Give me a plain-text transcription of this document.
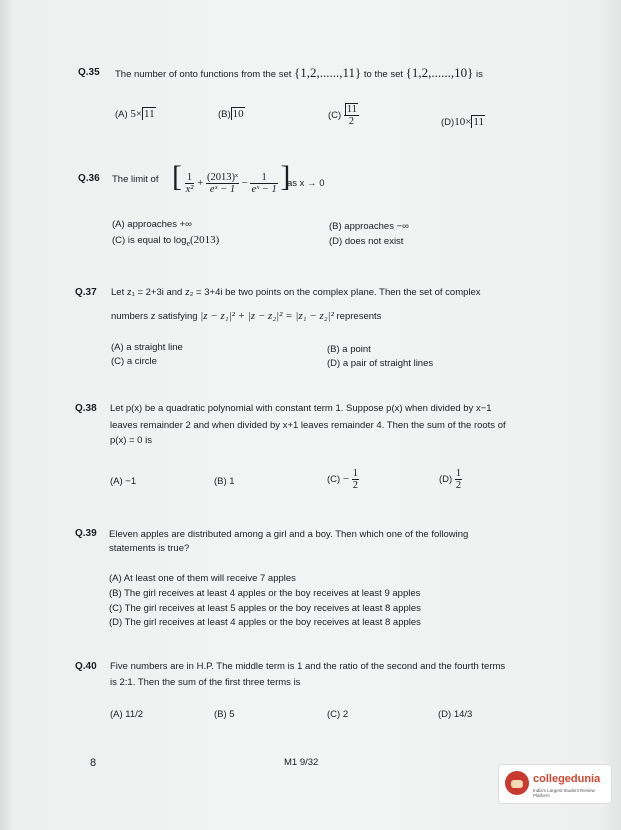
Q.35 The number of onto functions from the set {1,2,......,11} to the set {1,2,......,10} is
(A) 5× 11	(B) 10	$(C) \frac{11}{2}$	(D)10× 11
Q.36 The limit of [ $\frac{1}{\text{x²}} + \frac{\text{(2013)ˣ}}{\text{eˣ − 1}} - \frac{1}{\text{eˣ − 1}}$ ]
as x → 0
(A) approaches +∞	(B) approaches −∞
(C) is equal to $\log_e(2013)$	(D) does not exist
Q.37 Let z₁ = 2+3i and z₂ = 3+4i be two points on the complex plane. Then the set of complex
numbers z satisfying |z − z₁|² + |z − z₂|² = |z₁ − z₂|² represents
(A) a straight line	(B) a point
(C) a circle	(D) a pair of straight lines
Q.38 Let p(x) be a quadratic polynomial with constant term 1. Suppose p(x) when divided by x−1
leaves remainder 2 and when divided by x+1 leaves remainder 4. Then the sum of the roots of
p(x) = 0 is
(A) −1	(B) 1	$(C) - \frac{1}{2}$	$(D) \frac{1}{2}$
Q.39 Eleven apples are distributed among a girl and a boy. Then which one of the following
statements is true?
(A) At least one of them will receive 7 apples
(B) The girl receives at least 4 apples or the boy receives at least 9 apples
(C) The girl receives at least 5 apples or the boy receives at least 8 apples
(D) The girl receives at least 4 apples or the boy receives at least 8 apples
Q.40 Five numbers are in H.P. The middle term is 1 and the ratio of the second and the fourth terms
is 2:1. Then the sum of the first three terms is
(A) 11/2	(B) 5	(C) 2	(D) 14/3
8	M1 9/32
collegedunia
India's Largest Student Review Platform
